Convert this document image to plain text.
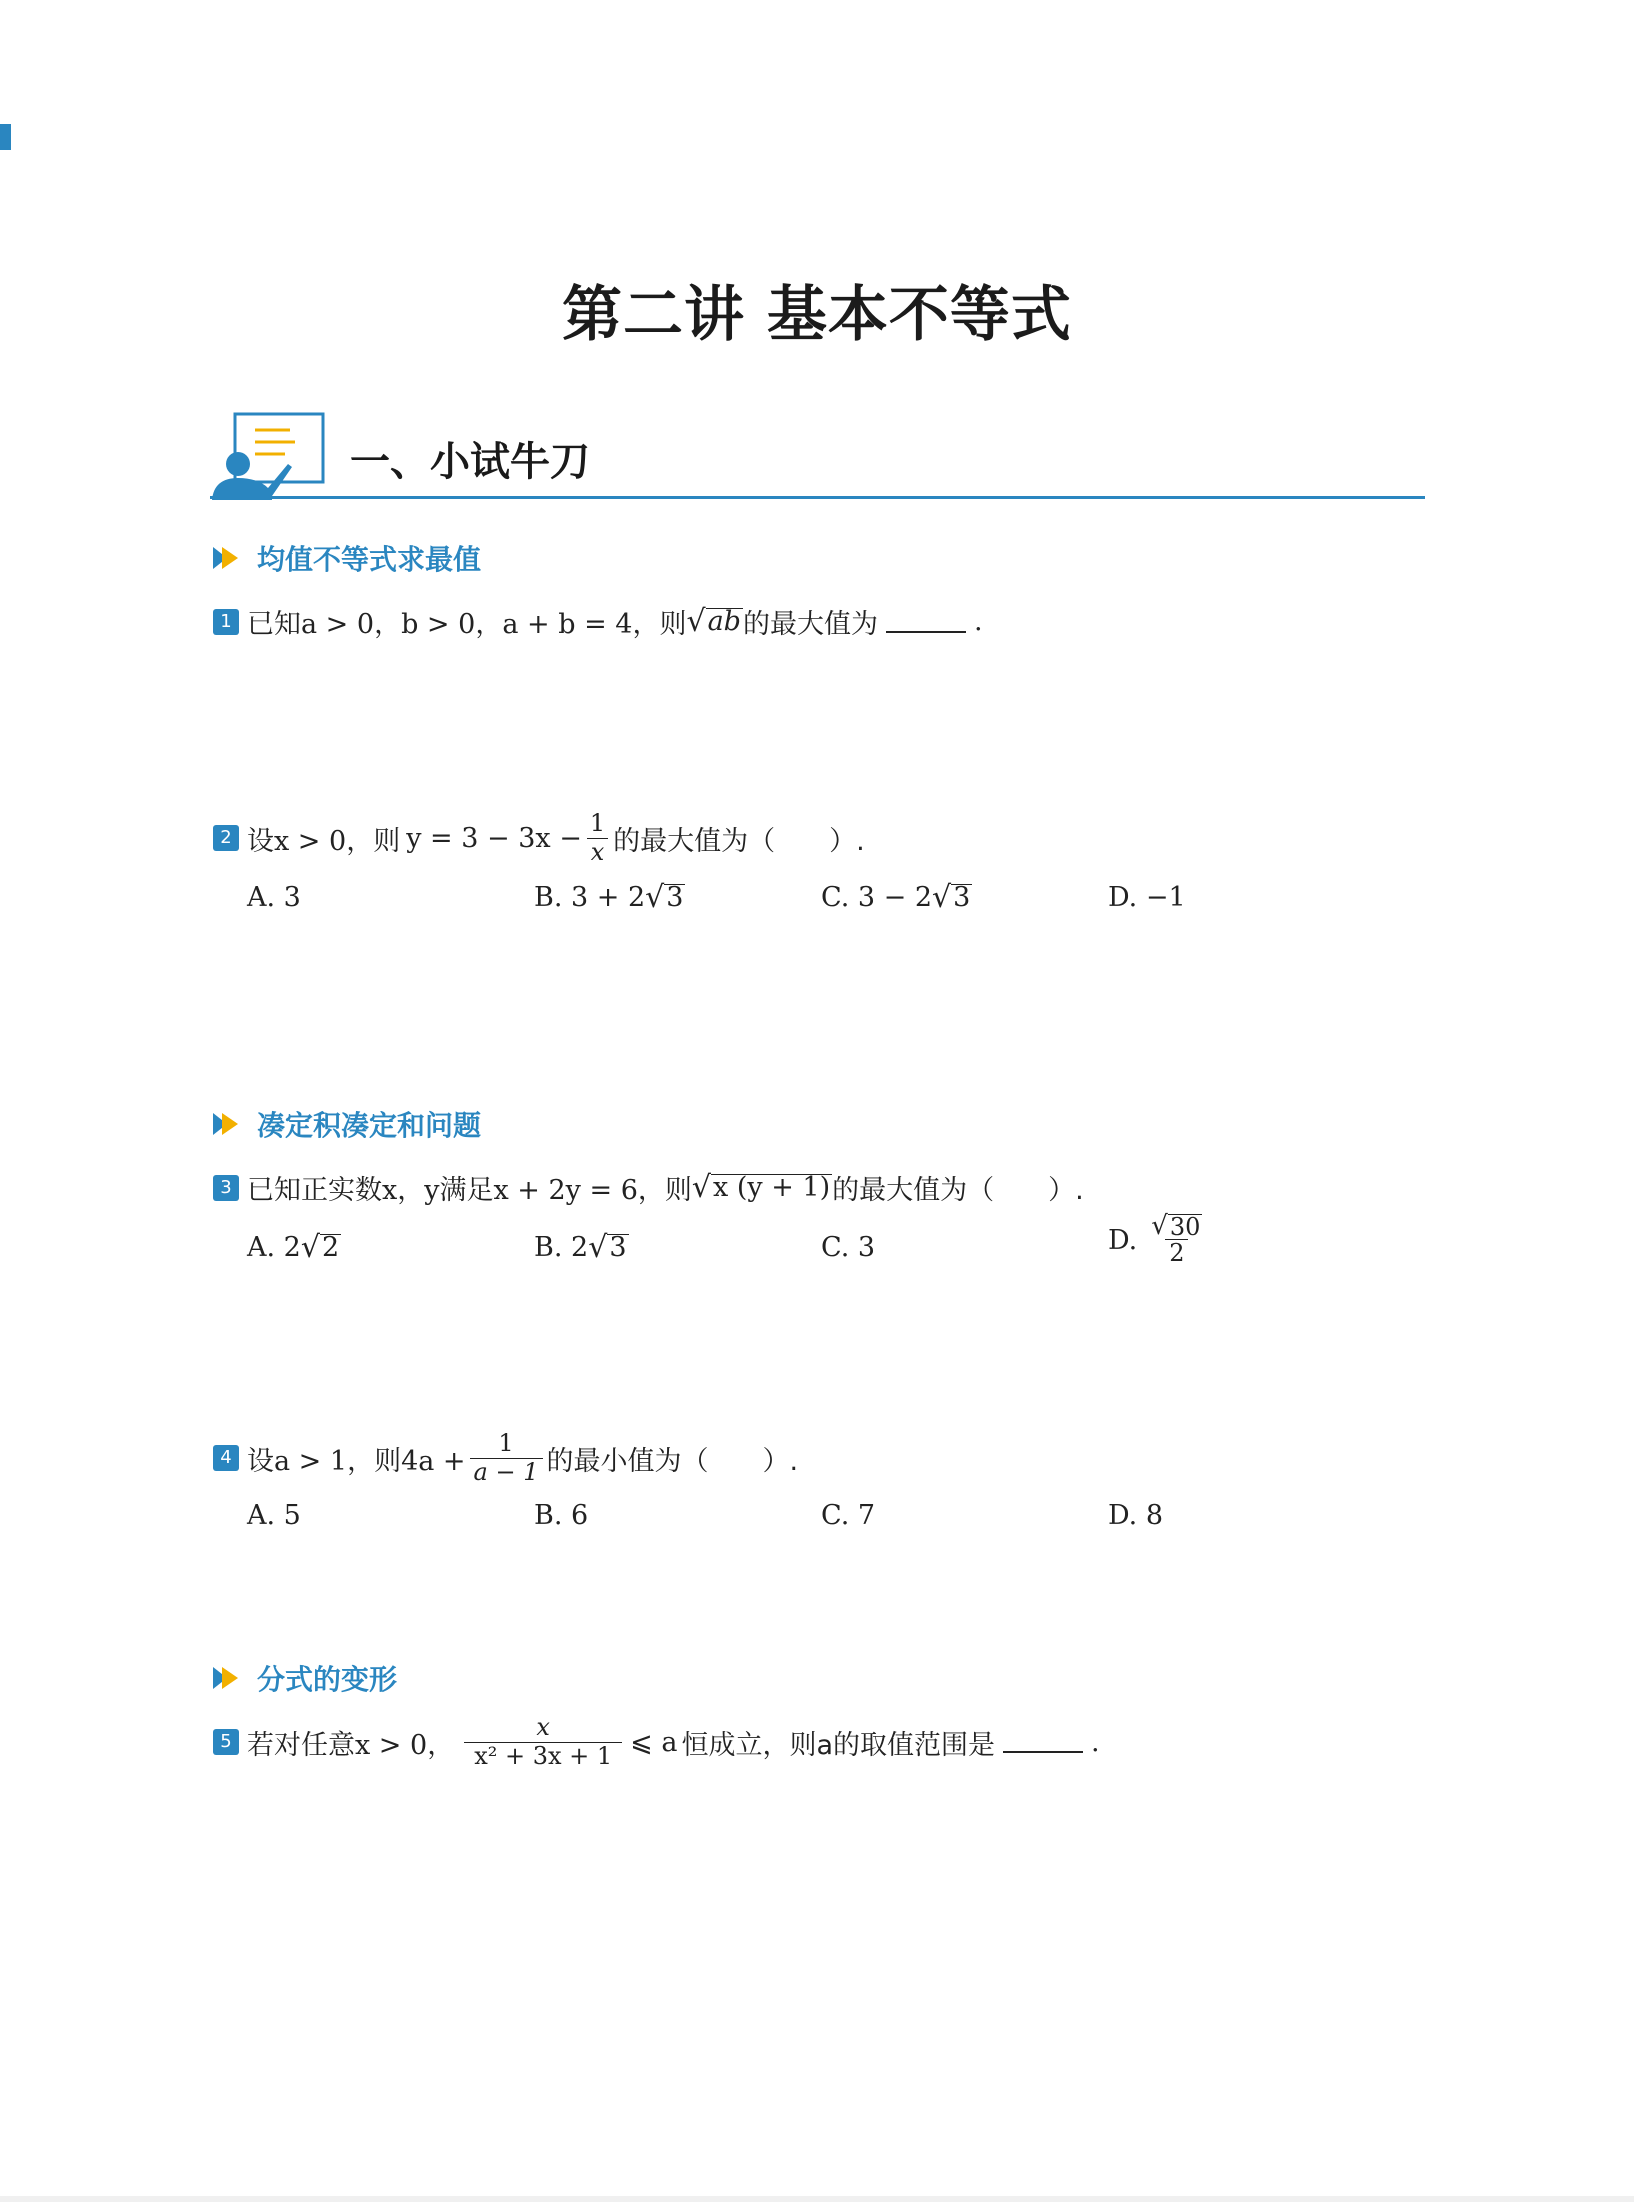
第二讲 基本不等式
一、小试牛刀
均值不等式求最值
1 已知 a > 0，b > 0，a + b = 4，则 √ ab 的最大值为	.
2 设 x > 0，则 $y = 3 - 3x - \frac{1}{x}$ 的最大值为（　　）.
A. 3	B. 3 + 2 √ 3	C. 3 − 2 √ 3	D. −1
凑定积凑定和问题
3 已知正实数 x，y满足x + 2y = 6，则 √ x (y + 1) 的最大值为（　　）.
A. 2 √ 2	B. 2 √ 3	C. 3	D. $\frac{√ 30}{2}$
4 设 a > 1，则$4a + \frac{1}{a - 1}$ 的最小值为（　　）.
A. 5	B. 6	C. 7	D. 8
分式的变形
5 若对任意 x > 0， $\frac{x}{\text{x² + 3x + 1}}$ ⩽ a 恒成立，则a的取值范围是	.
